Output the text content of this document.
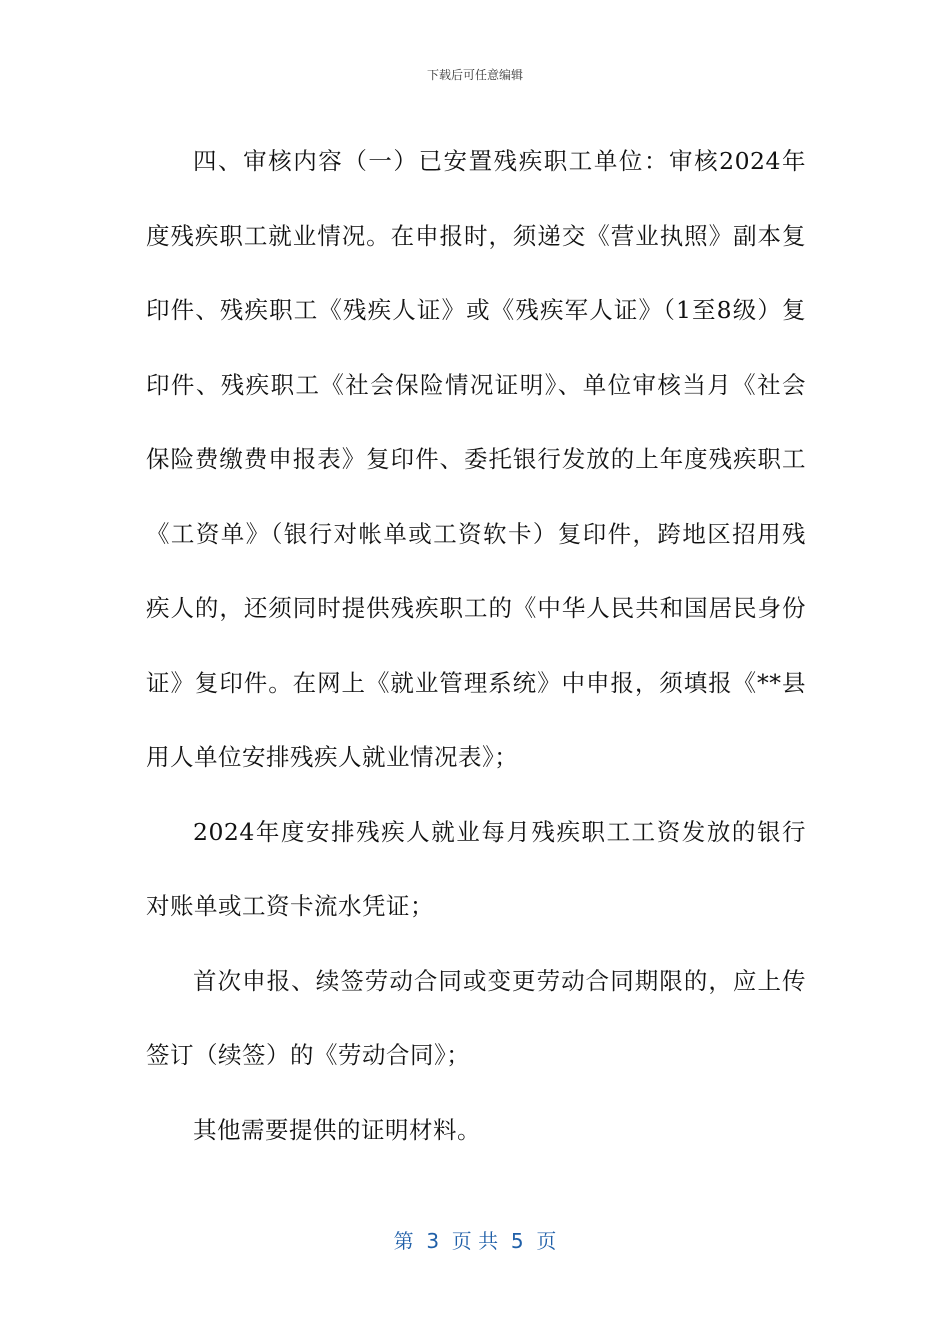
下载后可任意编辑

四、审核内容（一）已安置残疾职工单位：审核2024年度残疾职工就业情况。在申报时，须递交《营业执照》副本复印件、残疾职工《残疾人证》或《残疾军人证》（1至8级）复印件、残疾职工《社会保险情况证明》、单位审核当月《社会保险费缴费申报表》复印件、委托银行发放的上年度残疾职工《工资单》（银行对帐单或工资软卡）复印件，跨地区招用残疾人的，还须同时提供残疾职工的《中华人民共和国居民身份证》复印件。在网上《就业管理系统》中申报，须填报《**县用人单位安排残疾人就业情况表》；

2024年度安排残疾人就业每月残疾职工工资发放的银行对账单或工资卡流水凭证；

首次申报、续签劳动合同或变更劳动合同期限的，应上传签订（续签）的《劳动合同》；

其他需要提供的证明材料。

第  3  页 共  5  页
